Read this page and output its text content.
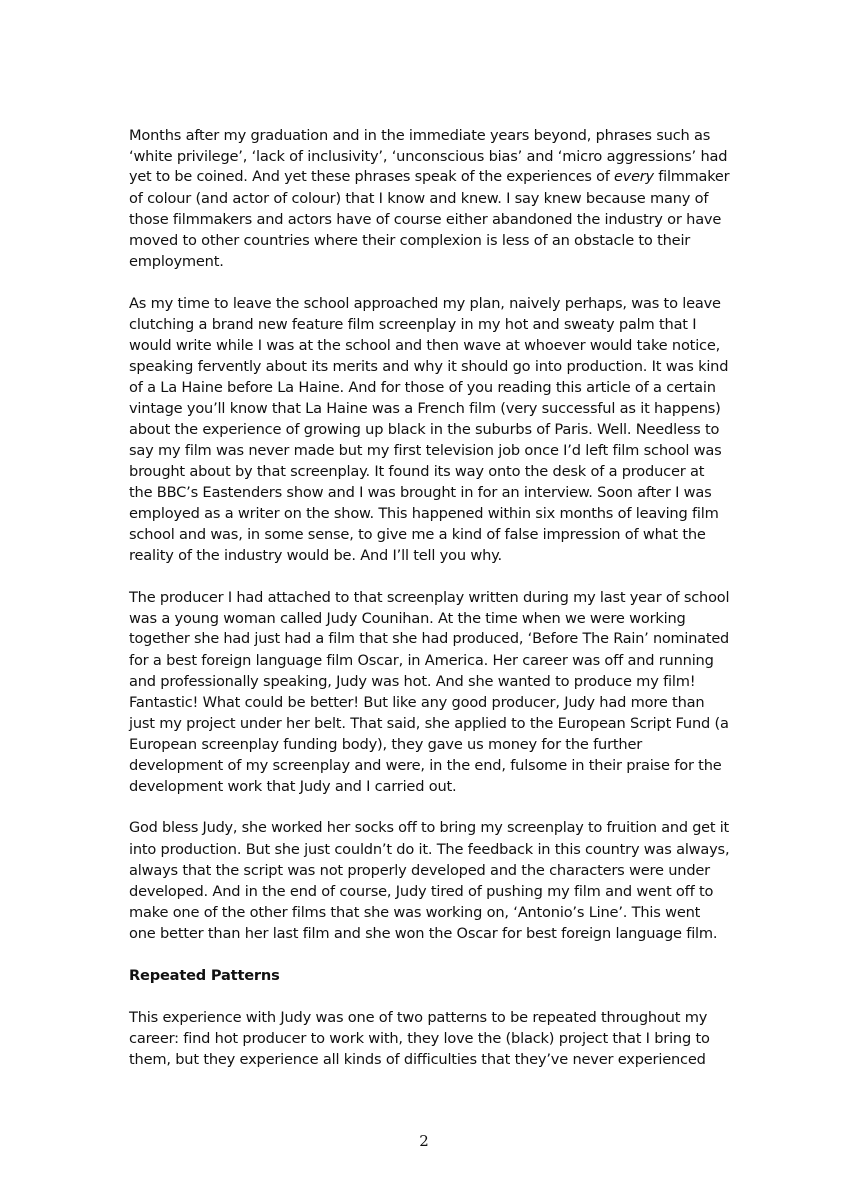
Months after my graduation and in the immediate years beyond, phrases such as
‘white privilege’, ‘lack of inclusivity’, ‘unconscious bias’ and ‘micro aggressions’ had
yet to be coined. And yet these phrases speak of the experiences of every filmmaker
of colour (and actor of colour) that I know and knew. I say knew because many of
those filmmakers and actors have of course either abandoned the industry or have
moved to other countries where their complexion is less of an obstacle to their
employment.
As my time to leave the school approached my plan, naively perhaps, was to leave
clutching a brand new feature film screenplay in my hot and sweaty palm that I
would write while I was at the school and then wave at whoever would take notice,
speaking fervently about its merits and why it should go into production. It was kind
of a La Haine before La Haine. And for those of you reading this article of a certain
vintage you’ll know that La Haine was a French film (very successful as it happens)
about the experience of growing up black in the suburbs of Paris. Well. Needless to
say my film was never made but my first television job once I’d left film school was
brought about by that screenplay. It found its way onto the desk of a producer at
the BBC’s Eastenders show and I was brought in for an interview. Soon after I was
employed as a writer on the show. This happened within six months of leaving film
school and was, in some sense, to give me a kind of false impression of what the
reality of the industry would be. And I’ll tell you why.
The producer I had attached to that screenplay written during my last year of school
was a young woman called Judy Counihan. At the time when we were working
together she had just had a film that she had produced, ‘Before The Rain’ nominated
for a best foreign language film Oscar, in America. Her career was off and running
and professionally speaking, Judy was hot. And she wanted to produce my film!
Fantastic! What could be better! But like any good producer, Judy had more than
just my project under her belt. That said, she applied to the European Script Fund (a
European screenplay funding body), they gave us money for the further
development of my screenplay and were, in the end, fulsome in their praise for the
development work that Judy and I carried out.
God bless Judy, she worked her socks off to bring my screenplay to fruition and get it
into production. But she just couldn’t do it. The feedback in this country was always,
always that the script was not properly developed and the characters were under
developed. And in the end of course, Judy tired of pushing my film and went off to
make one of the other films that she was working on, ‘Antonio’s Line’. This went
one better than her last film and she won the Oscar for best foreign language film.
Repeated Patterns
This experience with Judy was one of two patterns to be repeated throughout my
career: find hot producer to work with, they love the (black) project that I bring to
them, but they experience all kinds of difficulties that they’ve never experienced
2
